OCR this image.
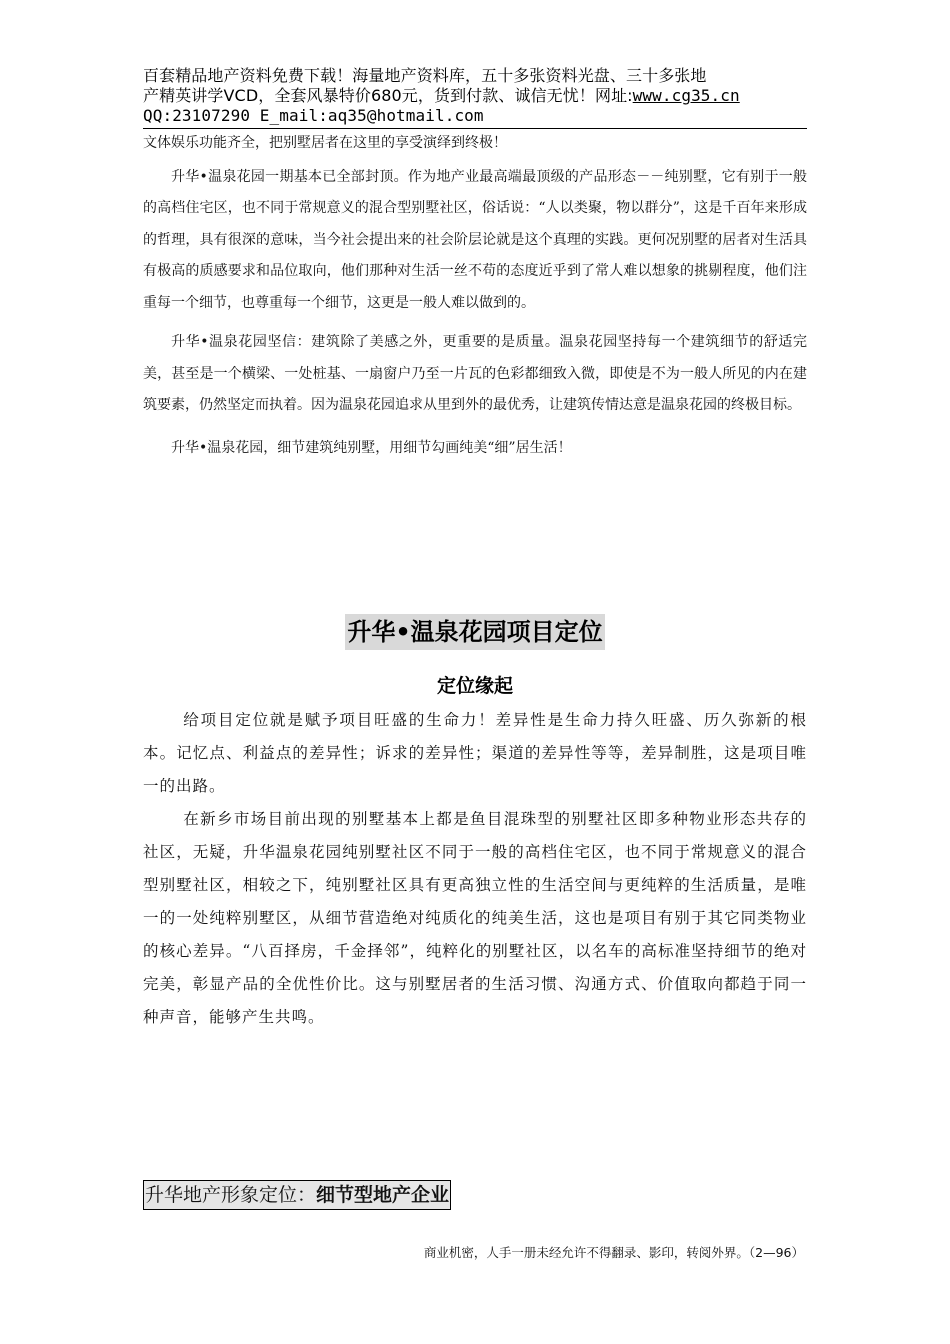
百套精品地产资料免费下载！海量地产资料库，五十多张资料光盘、三十多张地
产精英讲学VCD，全套风暴特价680元，货到付款、诚信无忧！网址:www.cg35.cn
QQ:23107290 E_mail:aq35@hotmail.com

文体娱乐功能齐全，把别墅居者在这里的享受演绎到终极！

升华•温泉花园一期基本已全部封顶。作为地产业最高端最顶级的产品形态－－纯别墅，它有别于一般的高档住宅区，也不同于常规意义的混合型别墅社区，俗话说：“人以类聚，物以群分”，这是千百年来形成的哲理，具有很深的意味，当今社会提出来的社会阶层论就是这个真理的实践。更何况别墅的居者对生活具有极高的质感要求和品位取向，他们那种对生活一丝不苟的态度近乎到了常人难以想象的挑剔程度，他们注重每一个细节，也尊重每一个细节，这更是一般人难以做到的。

升华•温泉花园坚信：建筑除了美感之外，更重要的是质量。温泉花园坚持每一个建筑细节的舒适完美，甚至是一个横梁、一处桩基、一扇窗户乃至一片瓦的色彩都细致入微，即使是不为一般人所见的内在建筑要素，仍然坚定而执着。因为温泉花园追求从里到外的最优秀，让建筑传情达意是温泉花园的终极目标。

升华•温泉花园，细节建筑纯别墅，用细节勾画纯美“细”居生活！

升华•温泉花园项目定位
定位缘起

给项目定位就是赋予项目旺盛的生命力！差异性是生命力持久旺盛、历久弥新的根本。记忆点、利益点的差异性；诉求的差异性；渠道的差异性等等，差异制胜，这是项目唯一的出路。

在新乡市场目前出现的别墅基本上都是鱼目混珠型的别墅社区即多种物业形态共存的社区，无疑，升华温泉花园纯别墅社区不同于一般的高档住宅区，也不同于常规意义的混合型别墅社区，相较之下，纯别墅社区具有更高独立性的生活空间与更纯粹的生活质量，是唯一的一处纯粹别墅区，从细节营造绝对纯质化的纯美生活，这也是项目有别于其它同类物业的核心差异。“八百择房，千金择邻”，纯粹化的别墅社区，以名车的高标准坚持细节的绝对完美，彰显产品的全优性价比。这与别墅居者的生活习惯、沟通方式、价值取向都趋于同一种声音，能够产生共鸣。

升华地产形象定位：细节型地产企业
商业机密，人手一册未经允许不得翻录、影印，转阅外界。（2—96）
